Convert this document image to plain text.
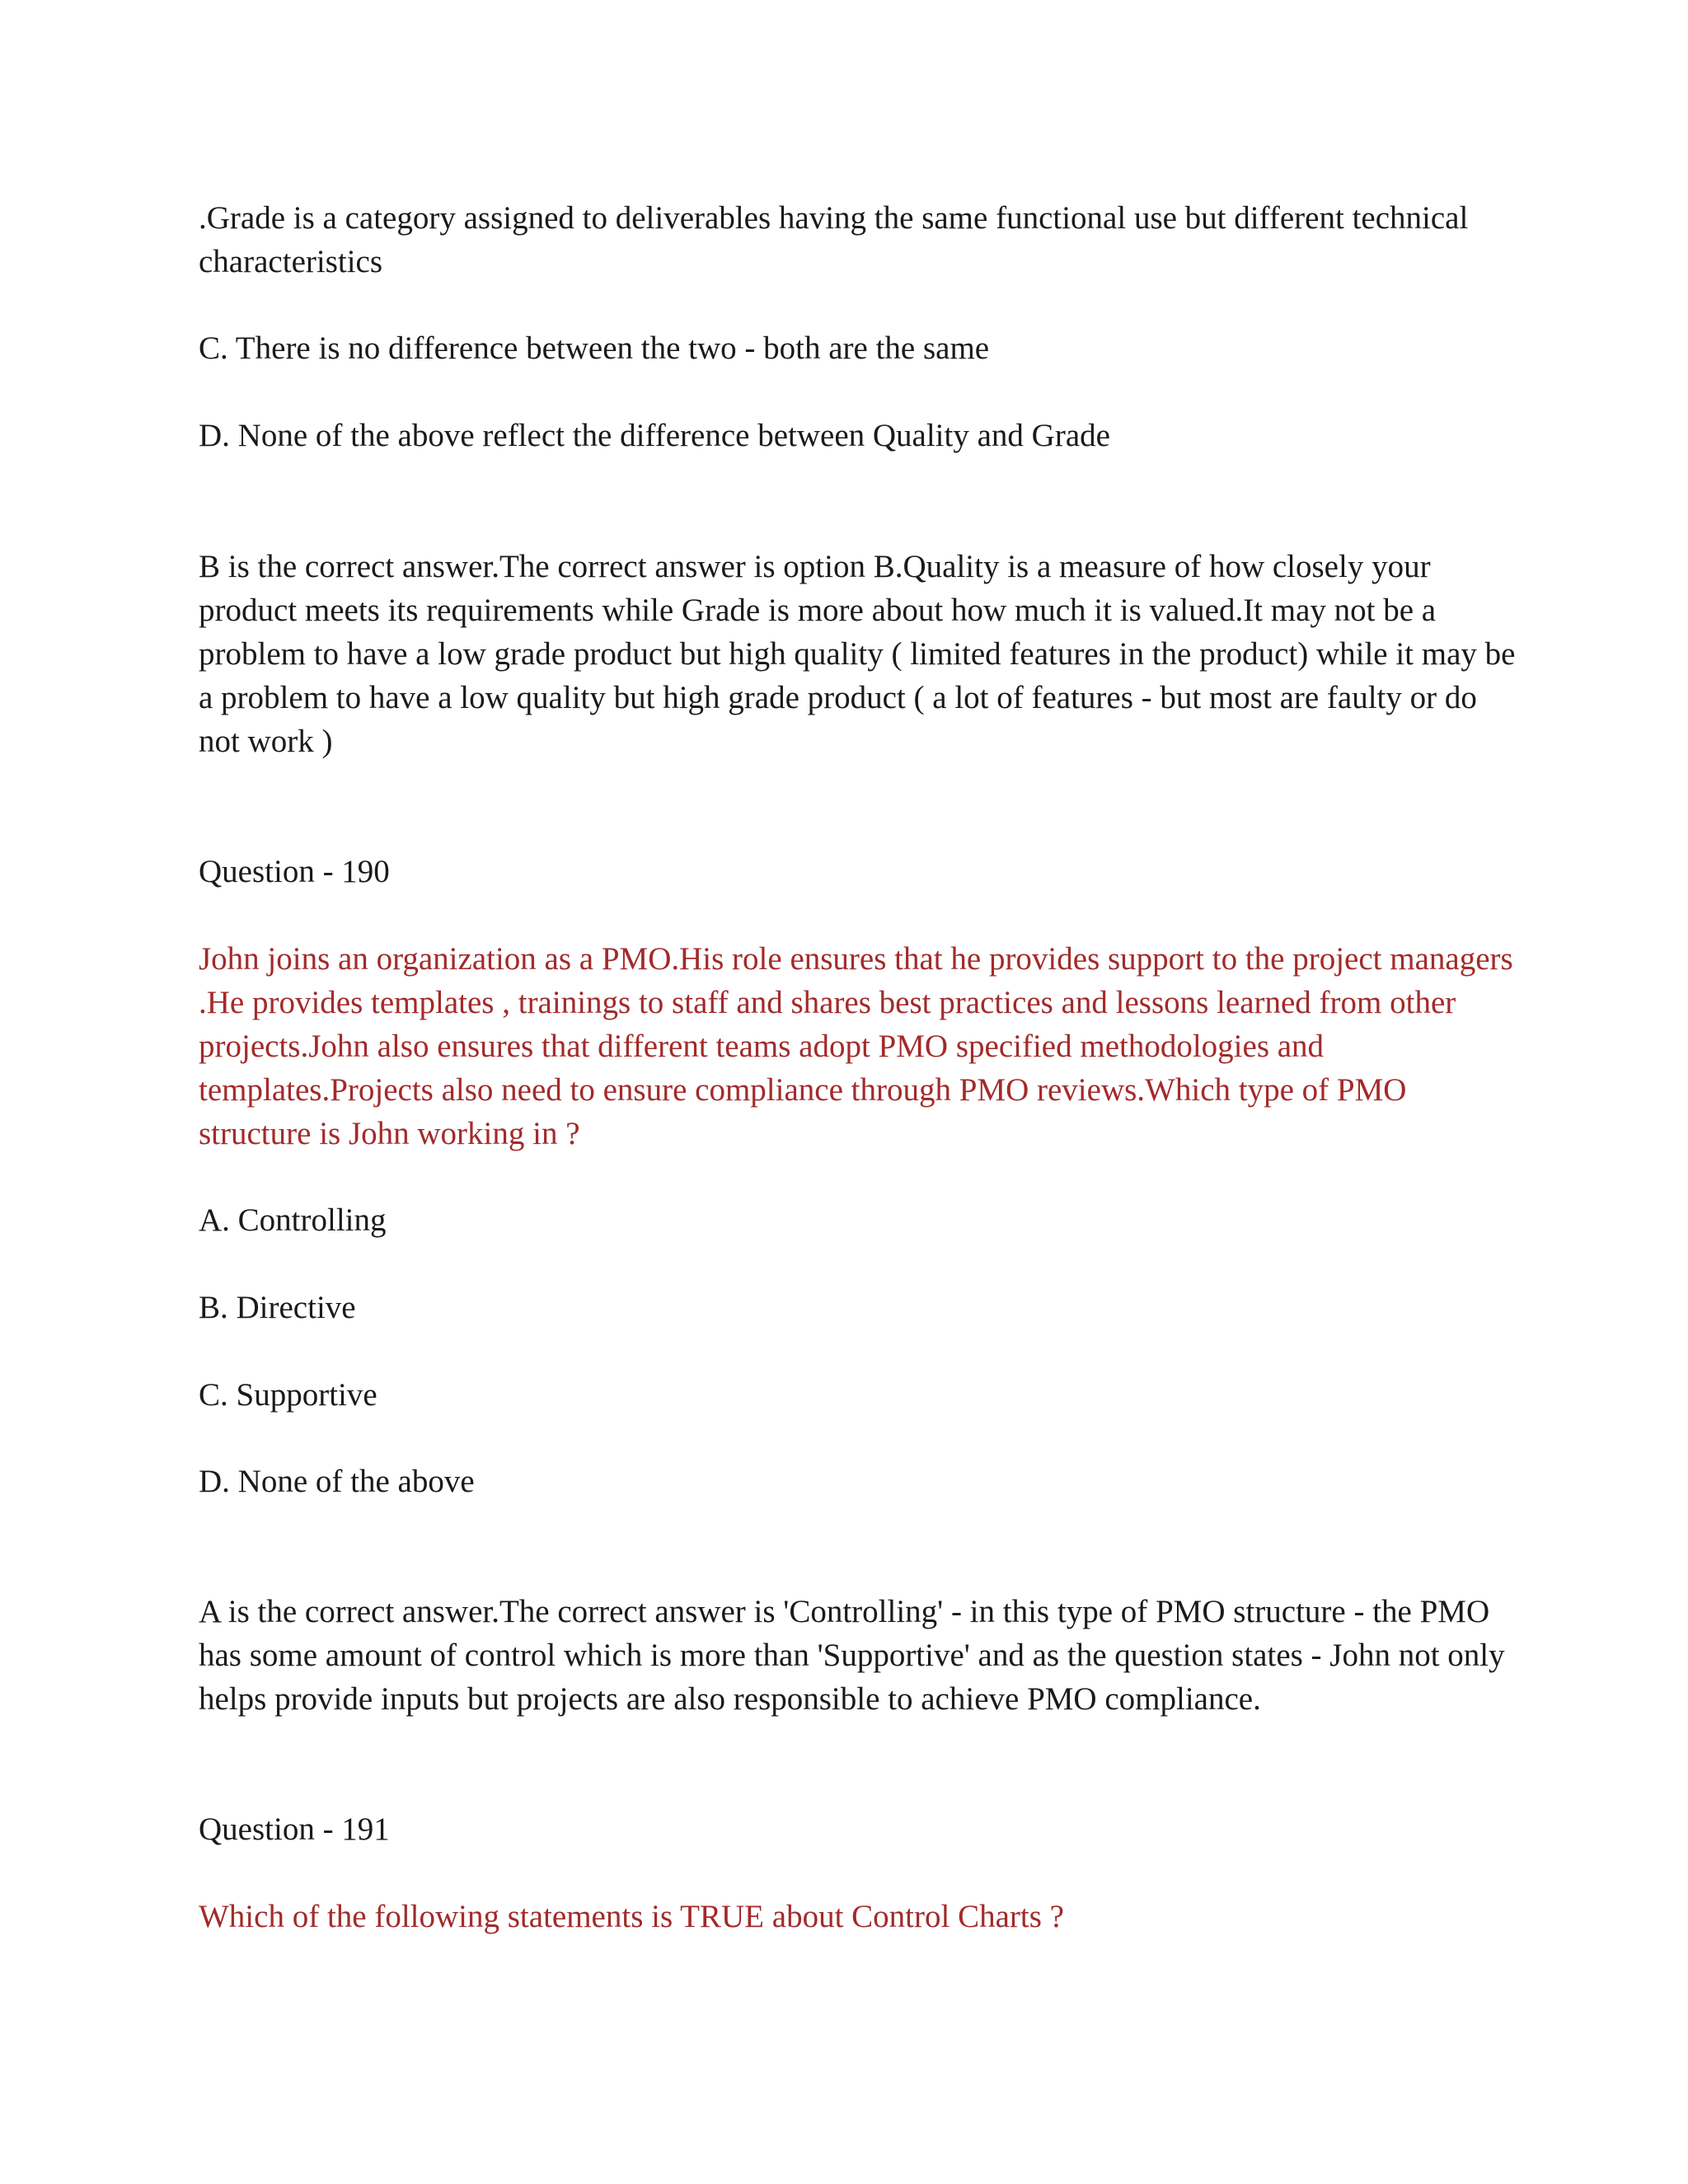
.Grade is a category assigned to deliverables having the same functional use but different technical characteristics

C. There is no difference between the two - both are the same

D. None of the above reflect the difference between Quality and Grade

B is the correct answer.The correct answer is option B.Quality is a measure of how closely your product meets its requirements while Grade is more about how much it is valued.It may not be a problem to have a low grade product but high quality ( limited features in the product) while it may be a problem to have a low quality but high grade product ( a lot of features - but most are faulty or do not work )

Question - 190

John joins an organization as a PMO.His role ensures that he provides support to the project managers .He provides templates , trainings to staff and shares best practices and lessons learned from other projects.John also ensures that different teams adopt PMO specified methodologies and templates.Projects also need to ensure compliance through PMO reviews.Which type of PMO structure is John working in ?

A. Controlling

B. Directive

C. Supportive

D. None of the above

A is the correct answer.The correct answer is 'Controlling' - in this type of PMO structure - the PMO has some amount of control which is more than 'Supportive' and as the question states - John not only helps provide inputs but projects are also responsible to achieve PMO compliance.

Question - 191

Which of the following statements is TRUE about Control Charts ?
